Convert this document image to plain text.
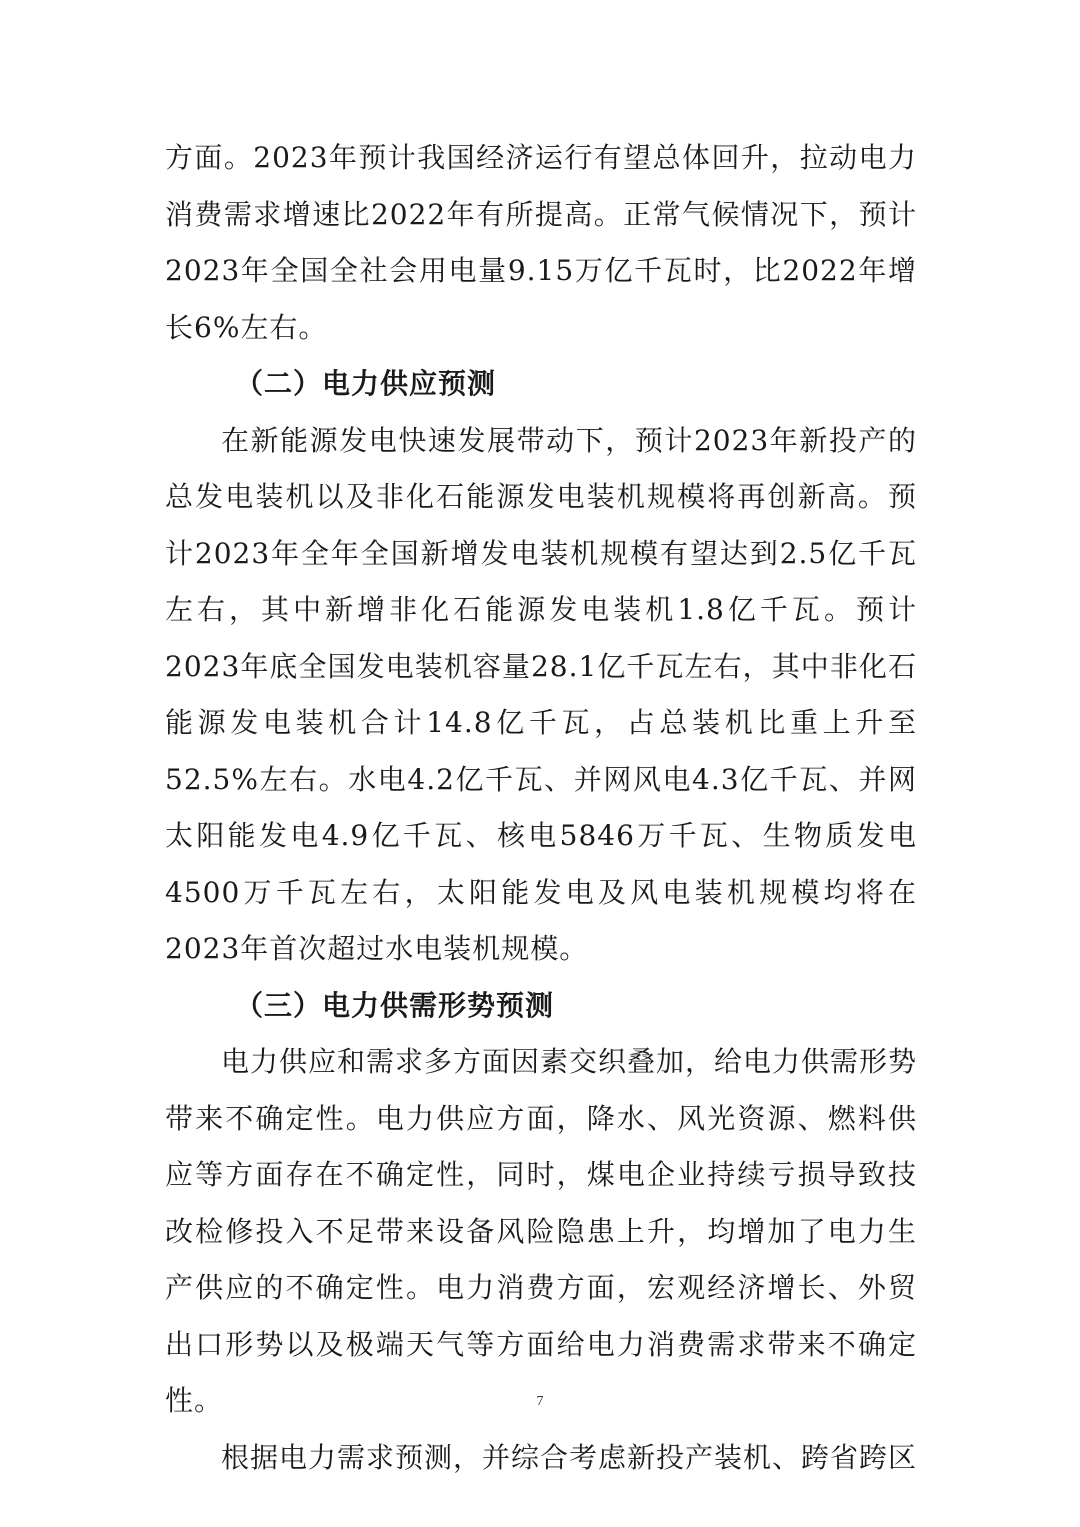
方面。2023年预计我国经济运行有望总体回升，拉动电力消费需求增速比2022年有所提高。正常气候情况下，预计2023年全国全社会用电量9.15万亿千瓦时，比2022年增长6%左右。

（二）电力供应预测

在新能源发电快速发展带动下，预计2023年新投产的总发电装机以及非化石能源发电装机规模将再创新高。预计2023年全年全国新增发电装机规模有望达到2.5亿千瓦左右，其中新增非化石能源发电装机1.8亿千瓦。预计2023年底全国发电装机容量28.1亿千瓦左右，其中非化石能源发电装机合计14.8亿千瓦，占总装机比重上升至52.5%左右。水电4.2亿千瓦、并网风电4.3亿千瓦、并网太阳能发电4.9亿千瓦、核电5846万千瓦、生物质发电4500万千瓦左右，太阳能发电及风电装机规模均将在2023年首次超过水电装机规模。

（三）电力供需形势预测

电力供应和需求多方面因素交织叠加，给电力供需形势带来不确定性。电力供应方面，降水、风光资源、燃料供应等方面存在不确定性，同时，煤电企业持续亏损导致技改检修投入不足带来设备风险隐患上升，均增加了电力生产供应的不确定性。电力消费方面，宏观经济增长、外贸出口形势以及极端天气等方面给电力消费需求带来不确定性。

根据电力需求预测，并综合考虑新投产装机、跨省跨区

7
